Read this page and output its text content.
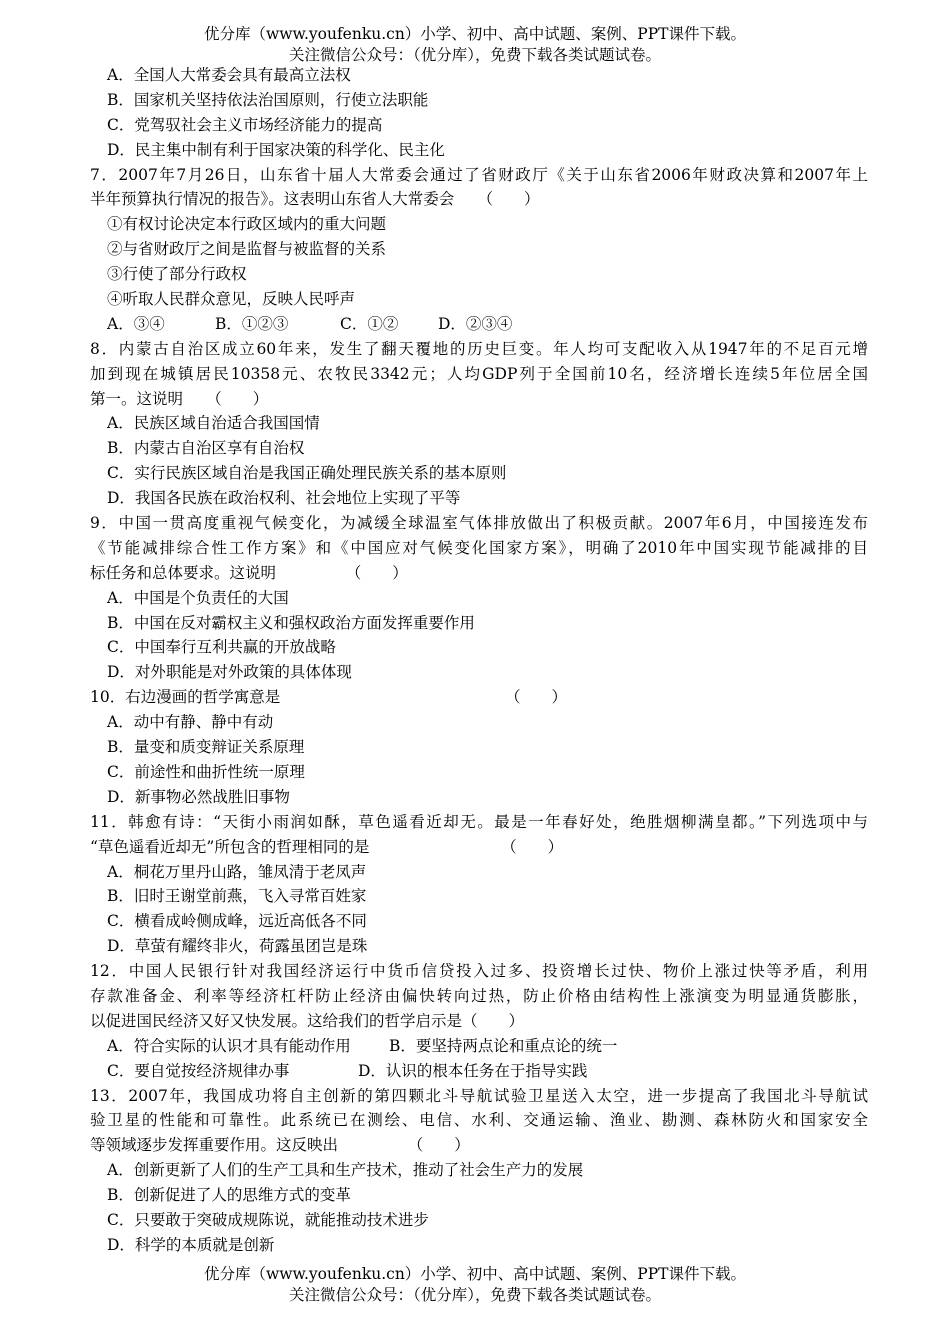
优分库（www.youfenku.cn）小学、初中、高中试题、案例、PPT课件下载。
关注微信公众号：（优分库），免费下载各类试题试卷。
A．全国人大常委会具有最高立法权
B．国家机关坚持依法治国原则，行使立法职能
C．党驾驭社会主义市场经济能力的提高
D．民主集中制有利于国家决策的科学化、民主化
7．2007年7月26日，山东省十届人大常委会通过了省财政厅《关于山东省2006年财政决算和2007年上
半年预算执行情况的报告》。这表明山东省人大常委会　　（　　）
①有权讨论决定本行政区域内的重大问题
②与省财政厅之间是监督与被监督的关系
③行使了部分行政权
④听取人民群众意见，反映人民呼声
A．③④	B．①②③	C．①②	D．②③④
8．内蒙古自治区成立60年来，发生了翻天覆地的历史巨变。年人均可支配收入从1947年的不足百元增
加到现在城镇居民10358元、农牧民3342元；人均GDP列于全国前10名，经济增长连续5年位居全国
第一。这说明　　（　　）
A．民族区域自治适合我国国情
B．内蒙古自治区享有自治权
C．实行民族区域自治是我国正确处理民族关系的基本原则
D．我国各民族在政治权利、社会地位上实现了平等
9．中国一贯高度重视气候变化，为减缓全球温室气体排放做出了积极贡献。2007年6月，中国接连发布
《节能减排综合性工作方案》和《中国应对气候变化国家方案》，明确了2010年中国实现节能减排的目
标任务和总体要求。这说明　　　　　（　　）
A．中国是个负责任的大国
B．中国在反对霸权主义和强权政治方面发挥重要作用
C．中国奉行互利共赢的开放战略
D．对外职能是对外政策的具体体现
10．右边漫画的哲学寓意是　　　　　　　　　　　　　　　（　　）
A．动中有静、静中有动
B．量变和质变辩证关系原理
C．前途性和曲折性统一原理
D．新事物必然战胜旧事物
11．韩愈有诗：“天街小雨润如酥，草色遥看近却无。最是一年春好处，绝胜烟柳满皇都。”下列选项中与
“草色遥看近却无”所包含的哲理相同的是　　　　　　　　　（　　）
A．桐花万里丹山路，雏凤清于老凤声
B．旧时王谢堂前燕，飞入寻常百姓家
C．横看成岭侧成峰，远近高低各不同
D．草萤有耀终非火，荷露虽团岂是珠
12．中国人民银行针对我国经济运行中货币信贷投入过多、投资增长过快、物价上涨过快等矛盾，利用
存款准备金、利率等经济杠杆防止经济由偏快转向过热，防止价格由结构性上涨演变为明显通货膨胀，
以促进国民经济又好又快发展。这给我们的哲学启示是（　　）
A．符合实际的认识才具有能动作用 B．要坚持两点论和重点论的统一
C．要自觉按经济规律办事	D．认识的根本任务在于指导实践
13．2007年，我国成功将自主创新的第四颗北斗导航试验卫星送入太空，进一步提高了我国北斗导航试
验卫星的性能和可靠性。此系统已在测绘、电信、水利、交通运输、渔业、勘测、森林防火和国家安全
等领域逐步发挥重要作用。这反映出　　　　　（　　）
A．创新更新了人们的生产工具和生产技术，推动了社会生产力的发展
B．创新促进了人的思维方式的变革
C．只要敢于突破成规陈说，就能推动技术进步
D．科学的本质就是创新
优分库（www.youfenku.cn）小学、初中、高中试题、案例、PPT课件下载。
关注微信公众号：（优分库），免费下载各类试题试卷。
